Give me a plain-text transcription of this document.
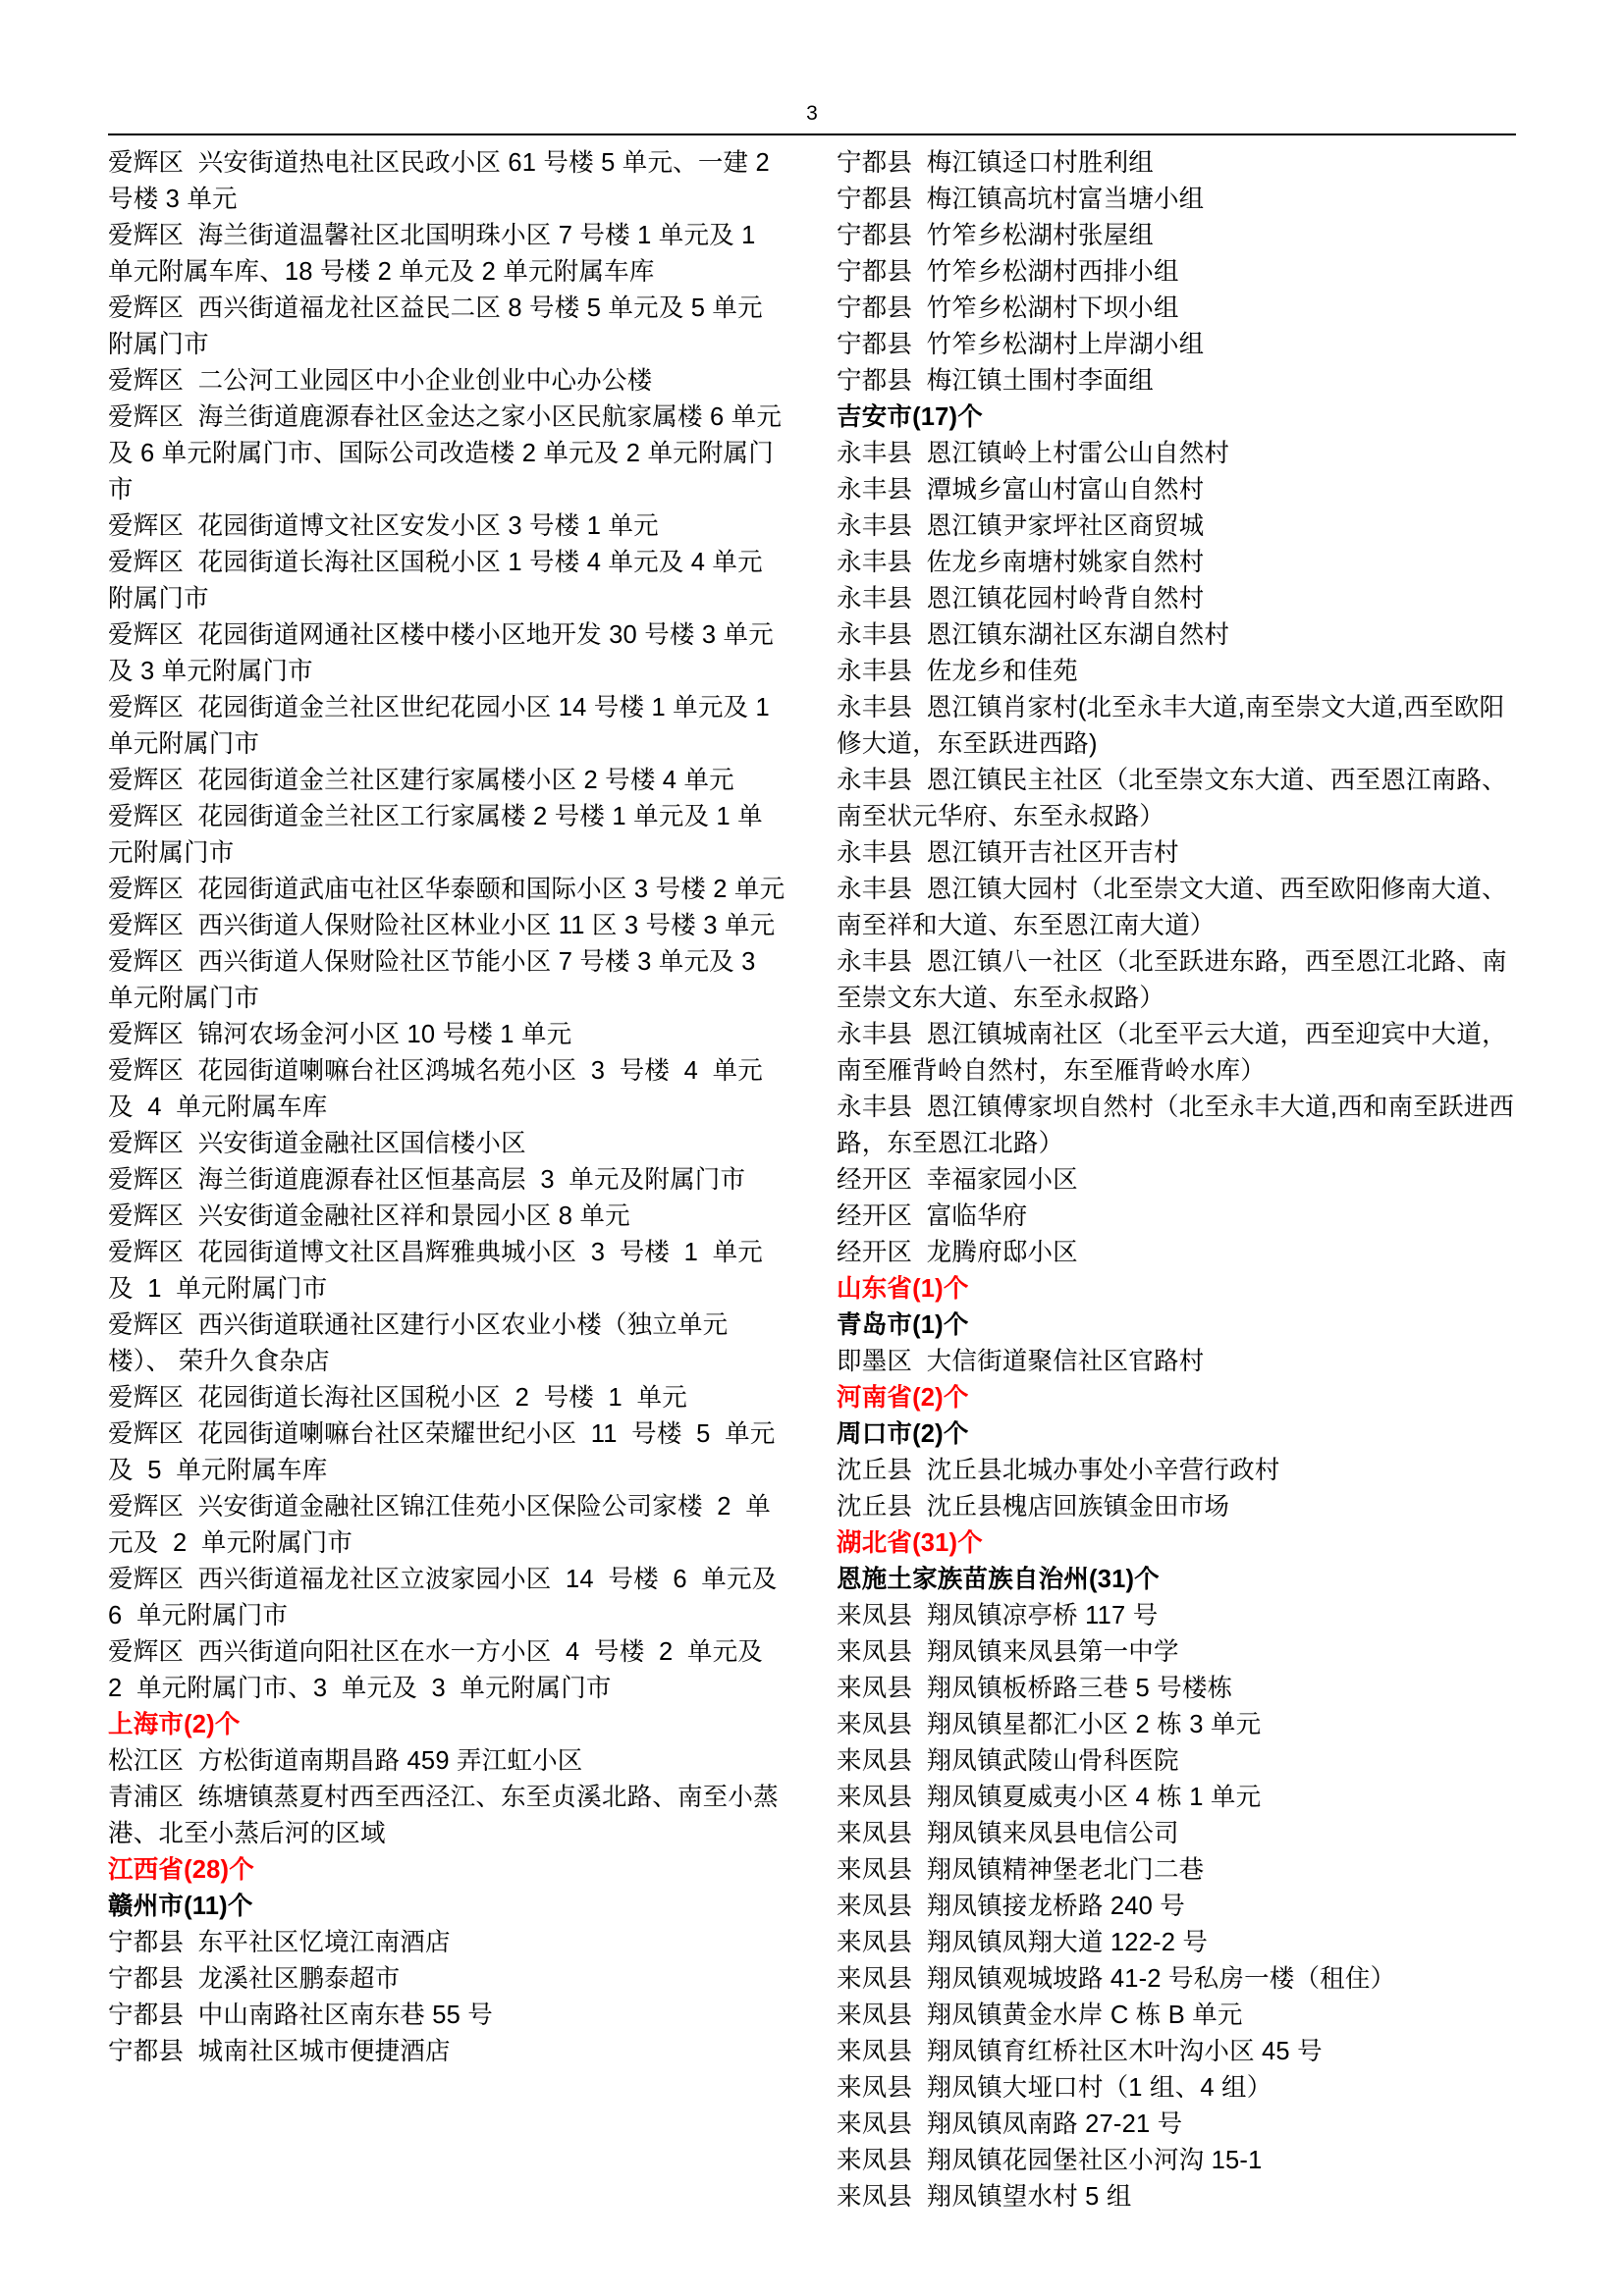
3
爱辉区  兴安街道热电社区民政小区 61 号楼 5 单元、一建 2 号楼 3 单元
爱辉区  海兰街道温馨社区北国明珠小区 7 号楼 1 单元及 1 单元附属车库、18 号楼 2 单元及 2 单元附属车库
爱辉区  西兴街道福龙社区益民二区 8 号楼 5 单元及 5 单元附属门市
爱辉区  二公河工业园区中小企业创业中心办公楼
爱辉区  海兰街道鹿源春社区金达之家小区民航家属楼 6 单元及 6 单元附属门市、国际公司改造楼 2 单元及 2 单元附属门市
爱辉区  花园街道博文社区安发小区 3 号楼 1 单元
爱辉区  花园街道长海社区国税小区 1 号楼 4 单元及 4 单元附属门市
爱辉区  花园街道网通社区楼中楼小区地开发 30 号楼 3 单元及 3 单元附属门市
爱辉区  花园街道金兰社区世纪花园小区 14 号楼 1 单元及 1 单元附属门市
爱辉区  花园街道金兰社区建行家属楼小区 2 号楼 4 单元
爱辉区  花园街道金兰社区工行家属楼 2 号楼 1 单元及 1 单元附属门市
爱辉区  花园街道武庙屯社区华泰颐和国际小区 3 号楼 2 单元
爱辉区  西兴街道人保财险社区林业小区 11 区 3 号楼 3 单元
爱辉区  西兴街道人保财险社区节能小区 7 号楼 3 单元及 3 单元附属门市
爱辉区  锦河农场金河小区 10 号楼 1 单元
爱辉区  花园街道喇嘛台社区鸿城名苑小区  3  号楼  4  单元及  4  单元附属车库
爱辉区  兴安街道金融社区国信楼小区
爱辉区  海兰街道鹿源春社区恒基高层  3  单元及附属门市
爱辉区  兴安街道金融社区祥和景园小区 8 单元
爱辉区  花园街道博文社区昌辉雅典城小区  3  号楼  1  单元及  1  单元附属门市
爱辉区  西兴街道联通社区建行小区农业小楼（独立单元楼）、 荣升久食杂店
爱辉区  花园街道长海社区国税小区  2  号楼  1  单元
爱辉区  花园街道喇嘛台社区荣耀世纪小区  11  号楼  5  单元及  5  单元附属车库
爱辉区  兴安街道金融社区锦江佳苑小区保险公司家楼  2  单元及  2  单元附属门市
爱辉区  西兴街道福龙社区立波家园小区  14  号楼  6  单元及  6  单元附属门市
爱辉区  西兴街道向阳社区在水一方小区  4  号楼  2  单元及  2  单元附属门市、3  单元及  3  单元附属门市
上海市(2)个
松江区  方松街道南期昌路 459 弄江虹小区
青浦区  练塘镇蒸夏村西至西泾江、东至贞溪北路、南至小蒸港、北至小蒸后河的区域
江西省(28)个
赣州市(11)个
宁都县  东平社区忆境江南酒店
宁都县  龙溪社区鹏泰超市
宁都县  中山南路社区南东巷 55 号
宁都县  城南社区城市便捷酒店
宁都县  梅江镇迳口村胜利组
宁都县  梅江镇高坑村富当塘小组
宁都县  竹笮乡松湖村张屋组
宁都县  竹笮乡松湖村西排小组
宁都县  竹笮乡松湖村下坝小组
宁都县  竹笮乡松湖村上岸湖小组
宁都县  梅江镇土围村李面组
吉安市(17)个
永丰县  恩江镇岭上村雷公山自然村
永丰县  潭城乡富山村富山自然村
永丰县  恩江镇尹家坪社区商贸城
永丰县  佐龙乡南塘村姚家自然村
永丰县  恩江镇花园村岭背自然村
永丰县  恩江镇东湖社区东湖自然村
永丰县  佐龙乡和佳苑
永丰县  恩江镇肖家村(北至永丰大道,南至崇文大道,西至欧阳修大道，东至跃进西路)
永丰县  恩江镇民主社区（北至崇文东大道、西至恩江南路、南至状元华府、东至永叔路）
永丰县  恩江镇开吉社区开吉村
永丰县  恩江镇大园村（北至崇文大道、西至欧阳修南大道、南至祥和大道、东至恩江南大道）
永丰县  恩江镇八一社区（北至跃进东路，西至恩江北路、南至崇文东大道、东至永叔路）
永丰县  恩江镇城南社区（北至平云大道，西至迎宾中大道，南至雁背岭自然村，东至雁背岭水库）
永丰县  恩江镇傅家坝自然村（北至永丰大道,西和南至跃进西路，东至恩江北路）
经开区  幸福家园小区
经开区  富临华府
经开区  龙腾府邸小区
山东省(1)个
青岛市(1)个
即墨区  大信街道聚信社区官路村
河南省(2)个
周口市(2)个
沈丘县  沈丘县北城办事处小辛营行政村
沈丘县  沈丘县槐店回族镇金田市场
湖北省(31)个
恩施土家族苗族自治州(31)个
来凤县  翔凤镇凉亭桥 117 号
来凤县  翔凤镇来凤县第一中学
来凤县  翔凤镇板桥路三巷 5 号楼栋
来凤县  翔凤镇星都汇小区 2 栋 3 单元
来凤县  翔凤镇武陵山骨科医院
来凤县  翔凤镇夏威夷小区 4 栋 1 单元
来凤县  翔凤镇来凤县电信公司
来凤县  翔凤镇精神堡老北门二巷
来凤县  翔凤镇接龙桥路 240 号
来凤县  翔凤镇凤翔大道 122-2 号
来凤县  翔凤镇观城坡路 41-2 号私房一楼（租住）
来凤县  翔凤镇黄金水岸 C 栋 B 单元
来凤县  翔凤镇育红桥社区木叶沟小区 45 号
来凤县  翔凤镇大垭口村（1 组、4 组）
来凤县  翔凤镇凤南路 27-21 号
来凤县  翔凤镇花园堡社区小河沟 15-1
来凤县  翔凤镇望水村 5 组
